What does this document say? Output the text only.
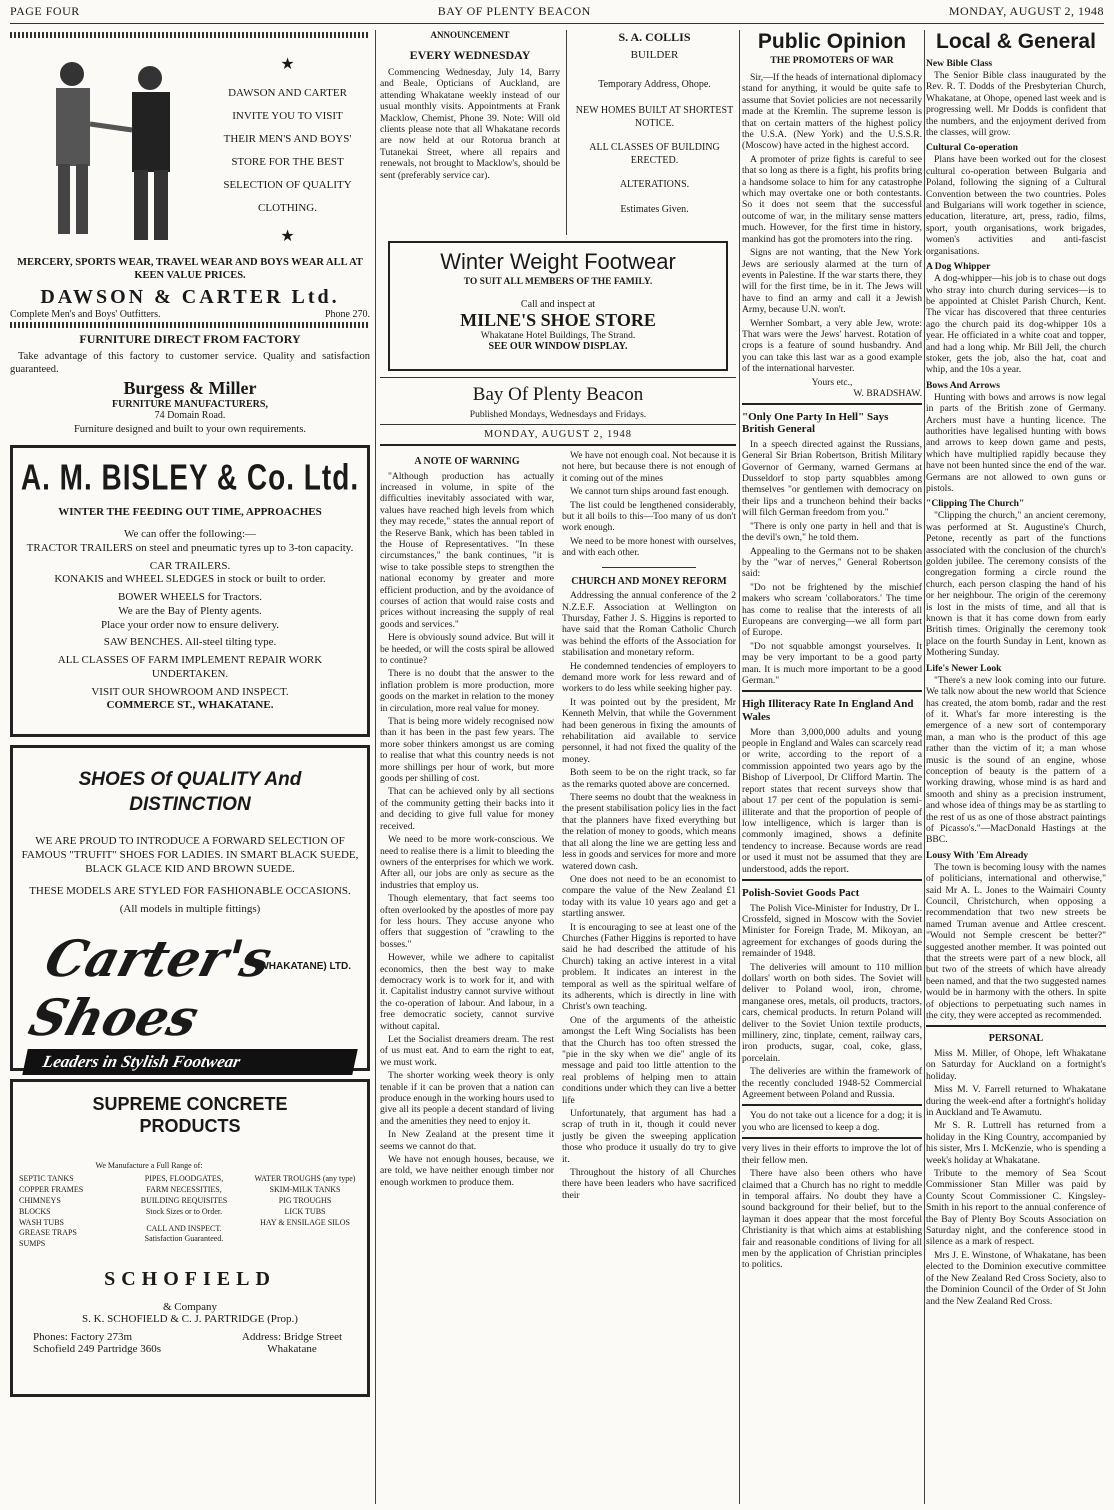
PAGE FOUR	BAY OF PLENTY BEACON	MONDAY, AUGUST 2, 1948
★
DAWSON AND CARTER
INVITE YOU TO VISIT
THEIR MEN'S AND BOYS'
STORE FOR THE BEST
SELECTION OF QUALITY
CLOTHING.
★
MERCERY, SPORTS WEAR, TRAVEL WEAR AND BOYS WEAR ALL AT KEEN VALUE PRICES.
DAWSON & CARTER Ltd.
Complete Men's and Boys' Outfitters.	Phone 270.
FURNITURE DIRECT FROM FACTORY
Take advantage of this factory to customer service. Quality and satisfaction guaranteed.
Burgess & Miller
FURNITURE MANUFACTURERS,
74 Domain Road.
Furniture designed and built to your own requirements.
A. M. BISLEY & Co. Ltd.
WINTER THE FEEDING OUT TIME, APPROACHES
We can offer the following:—
TRACTOR TRAILERS on steel and pneumatic tyres up to 3-ton capacity.
CAR TRAILERS.
KONAKIS and WHEEL SLEDGES in stock or built to order.
BOWER WHEELS for Tractors.
We are the Bay of Plenty agents.
Place your order now to ensure delivery.
SAW BENCHES. All-steel tilting type.
ALL CLASSES OF FARM IMPLEMENT REPAIR WORK UNDERTAKEN.
VISIT OUR SHOWROOM AND INSPECT.
COMMERCE ST., WHAKATANE.
SHOES Of QUALITY And DISTINCTION
WE ARE PROUD TO INTRODUCE A FORWARD SELECTION OF FAMOUS "TRUFIT" SHOES FOR LADIES. IN SMART BLACK SUEDE, BLACK GLACE KID AND BROWN SUEDE.
THESE MODELS ARE STYLED FOR FASHIONABLE OCCASIONS.
(All models in multiple fittings)
Carter's Shoes
(WHAKATANE) LTD.
Leaders in Stylish Footwear
SUPREME CONCRETE PRODUCTS
We Manufacture a Full Range of:
SEPTIC TANKS
COPPER FRAMES
CHIMNEYS
BLOCKS
WASH TUBS
GREASE TRAPS
SUMPS
PIPES, FLOODGATES,
FARM NECESSITIES,
BUILDING REQUISITES
Stock Sizes or to Order.
CALL AND INSPECT.
Satisfaction Guaranteed.
WATER TROUGHS (any type)
SKIM-MILK TANKS
PIG TROUGHS
LICK TUBS
HAY & ENSILAGE SILOS
SCHOFIELD
& Company
S. K. SCHOFIELD & C. J. PARTRIDGE (Prop.)
Phones: Factory 273m Schofield 249 Partridge 360s
Address: Bridge Street Whakatane
ANNOUNCEMENT
EVERY WEDNESDAY
Commencing Wednesday, July 14, Barry and Beale, Opticians of Auckland, are attending Whakatane weekly instead of our usual monthly visits. Appointments at Frank Macklow, Chemist, Phone 39. Note: Will old clients please note that all Whakatane records are now held at our Rotorua branch at Tutanekai Street, where all repairs and renewals, not brought to Macklow's, should be sent (preferably service car).
S. A. COLLIS
BUILDER
Temporary Address, Ohope.
NEW HOMES BUILT AT SHORTEST NOTICE.
ALL CLASSES OF BUILDING ERECTED.
ALTERATIONS.
Estimates Given.
Winter Weight Footwear
TO SUIT ALL MEMBERS OF THE FAMILY.
Call and inspect at
MILNE'S SHOE STORE
Whakatane Hotel Buildings, The Strand.
SEE OUR WINDOW DISPLAY.
Bay Of Plenty Beacon
Published Mondays, Wednesdays and Fridays.
MONDAY, AUGUST 2, 1948
A NOTE OF WARNING

"Although production has actually increased in volume, in spite of the difficulties inevitably associated with war, values have reached high levels from which they may recede," states the annual report of the Reserve Bank, which has been tabled in the House of Representatives. "In these circumstances," the bank continues, "it is wise to take possible steps to strengthen the national economy by greater and more efficient production, and by the avoidance of courses of action that would raise costs and prices without increasing the supply of real goods and services."

Here is obviously sound advice. But will it be heeded, or will the costs spiral be allowed to continue?

There is no doubt that the answer to the inflation problem is more production, more goods on the market in relation to the money in circulation, more real value for money.

That is being more widely recognised now than it has been in the past few years. The more sober thinkers amongst us are coming to realise that what this country needs is not more shillings per hour of work, but more goods per shilling of cost.

That can be achieved only by all sections of the community getting their backs into it and deciding to give full value for money received.

We need to be more work-conscious. We need to realise there is a limit to bleeding the owners of the enterprises for which we work. After all, our jobs are only as secure as the industries that employ us.

Though elementary, that fact seems too often overlooked by the apostles of more pay for less hours. They accuse anyone who offers that suggestion of "crawling to the bosses."

However, while we adhere to capitalist economics, then the best way to make democracy work is to work for it, and with it. Capitalist industry cannot survive without the co-operation of labour. And labour, in a free democratic society, cannot survive without capital.

Let the Socialist dreamers dream. The rest of us must eat. And to earn the right to eat, we must work.

The shorter working week theory is only tenable if it can be proven that a nation can produce enough in the working hours used to give all its people a decent standard of living and the amenities they need to enjoy it.

In New Zealand at the present time it seems we cannot do that.

We have not enough houses, because, we are told, we have neither enough timber nor enough workmen to produce them.

We have not enough coal. Not because it is not here, but because there is not enough of it coming out of the mines

We cannot turn ships around fast enough.

The list could be lengthened considerably, but it all boils to this—Too many of us don't work enough.

We need to be more honest with ourselves, and with each other.

CHURCH AND MONEY REFORM

Addressing the annual conference of the 2 N.Z.E.F. Association at Wellington on Thursday, Father J. S. Higgins is reported to have said that the Roman Catholic Church was behind the efforts of the Association for stabilisation and monetary reform.

He condemned tendencies of employers to demand more work for less reward and of workers to do less while seeking higher pay.

It was pointed out by the president, Mr Kenneth Melvin, that while the Government had been generous in fixing the amounts of rehabilitation aid available to service personnel, it had not fixed the quality of the money.

Both seem to be on the right track, so far as the remarks quoted above are concerned.

There seems no doubt that the weakness in the present stabilisation policy lies in the fact that the planners have fixed everything but the relation of money to goods, which means that all along the line we are getting less and less in goods and services for more and more watered down cash.

One does not need to be an economist to compare the value of the New Zealand £1 today with its value 10 years ago and get a startling answer.

It is encouraging to see at least one of the Churches (Father Higgins is reported to have said he had described the attitude of his Church) taking an active interest in a vital problem. It indicates an interest in the temporal as well as the spiritual welfare of its adherents, which is directly in line with Christ's own teaching.

One of the arguments of the atheistic amongst the Left Wing Socialists has been that the Church has too often stressed the "pie in the sky when we die" angle of its message and paid too little attention to the real problems of helping men to attain conditions under which they can live a better life

Unfortunately, that argument has had a scrap of truth in it, though it could never justly be given the sweeping application those who produce it usually do try to give it.

Throughout the history of all Churches there have been leaders who have sacrificed their

Public Opinion
THE PROMOTERS OF WAR

Sir,—If the heads of international diplomacy stand for anything, it would be quite safe to assume that Soviet policies are not necessarily made at the Kremlin. The supreme lesson is that on certain matters of the highest policy the U.S.A. (New York) and the U.S.S.R. (Moscow) have acted in the highest accord.

A promoter of prize fights is careful to see that so long as there is a fight, his profits bring a handsome solace to him for any catastrophe which may overtake one or both contestants. So it does not seem that the successful outcome of war, in the military sense matters much. However, for the first time in history, mankind has got the promoters into the ring.

Signs are not wanting, that the New York Jews are seriously alarmed at the turn of events in Palestine. If the war starts there, they will for the first time, be in it. The Jews will have to find an army and call it a Jewish Army, because U.N. won't.

Wernher Sombart, a very able Jew, wrote: That wars were the Jews' harvest. Rotation of crops is a feature of sound husbandry. And you can take this last war as a good example of the international harvester.

Yours etc.,
W. BRADSHAW.
"Only One Party In Hell" Says British General

In a speech directed against the Russians, General Sir Brian Robertson, British Military Governor of Germany, warned Germans at Dusseldorf to stop party squabbles among themselves "or gentlemen with democracy on their lips and a truncheon behind their backs will filch German freedom from you."

"There is only one party in hell and that is the devil's own," he told them.

Appealing to the Germans not to be shaken by the "war of nerves," General Robertson said:

"Do not be frightened by the mischief makers who scream 'collaborators.' The time has come to realise that the interests of all Europeans are converging—we all form part of Europe.

"Do not squabble amongst yourselves. It may be very important to be a good party man. It is much more important to be a good German."

High Illiteracy Rate In England And Wales

More than 3,000,000 adults and young people in England and Wales can scarcely read or write, according to the report of a commission appointed two years ago by the Bishop of Liverpool, Dr Clifford Martin. The report states that recent surveys show that about 17 per cent of the population is semi-illiterate and that the proportion of people of low intelligence, which is larger than is commonly imagined, shows a definite tendency to increase. Because words are read or used it must not be assumed that they are understood, adds the report.

Polish-Soviet Goods Pact

The Polish Vice-Minister for Industry, Dr L. Crossfeld, signed in Moscow with the Soviet Minister for Foreign Trade, M. Mikoyan, an agreement for exchanges of goods during the remainder of 1948.

The deliveries will amount to 110 million dollars' worth on both sides. The Soviet will deliver to Poland wool, iron, chrome, manganese ores, metals, oil products, tractors, cars, chemical products. In return Poland will deliver to the Soviet Union textile products, millinery, zinc, tinplate, cement, railway cars, iron products, sugar, coal, coke, glass, porcelain.

The deliveries are within the framework of the recently concluded 1948-52 Commercial Agreement between Poland and Russia.

You do not take out a licence for a dog; it is you who are licensed to keep a dog.

very lives in their efforts to improve the lot of their fellow men.

There have also been others who have claimed that a Church has no right to meddle in temporal affairs. No doubt they have a sound background for their belief, but to the layman it does appear that the most forceful Christianity is that which aims at establishing fair and reasonable conditions of living for all men by the application of Christian principles to politics.

Local & General
New Bible Class

The Senior Bible class inaugurated by the Rev. R. T. Dodds of the Presbyterian Church, Whakatane, at Ohope, opened last week and is progressing well. Mr Dodds is confident that the numbers, and the enjoyment derived from the classes, will grow.

Cultural Co-operation

Plans have been worked out for the closest cultural co-operation between Bulgaria and Poland, following the signing of a Cultural Convention between the two countries. Poles and Bulgarians will work together in science, education, literature, art, press, radio, films, sport, youth organisations, work brigades, women's activities and anti-fascist organisations.

A Dog Whipper

A dog-whipper—his job is to chase out dogs who stray into church during services—is to be appointed at Chislet Parish Church, Kent. The vicar has discovered that three centuries ago the church paid its dog-whipper 10s a year. He officiated in a white coat and topper, and had a long whip. Mr Bill Jell, the church stoker, gets the job, also the hat, coat and whip, and the 10s a year.

Bows And Arrows

Hunting with bows and arrows is now legal in parts of the British zone of Germany. Archers must have a hunting licence. The authorities have legalised hunting with bows and arrows to keep down game and pests, which have multiplied rapidly because they have not been hunted since the end of the war. Germans are not allowed to own guns or pistols.

"Clipping The Church"

"Clipping the church," an ancient ceremony, was performed at St. Augustine's Church, Petone, recently as part of the functions associated with the conclusion of the church's golden jubilee. The ceremony consists of the congregation forming a circle round the church, each person clasping the hand of his or her neighbour. The origin of the ceremony is lost in the mists of time, and all that is known is that it has come down from early British times. Originally the ceremony took place on the fourth Sunday in Lent, known as Mothering Sunday.

Life's Newer Look

"There's a new look coming into our future. We talk now about the new world that Science has created, the atom bomb, radar and the rest of it. What's far more interesting is the emergence of a new sort of contemporary man, a man who is the product of this age rather than the victim of it; a man whose music is the sound of an engine, whose conception of beauty is the pattern of a working drawing, whose mind is as hard and smooth and shiny as a precision instrument, and whose idea of things may be as startling to the rest of us as one of those abstract paintings of Picasso's."—MacDonald Hastings at the BBC.

Lousy With 'Em Already

The town is becoming lousy with the names of politicians, international and otherwise," said Mr A. L. Jones to the Waimairi County Council, Christchurch, when opposing a recommendation that two new streets be named Truman avenue and Attlee crescent. "Would not Semple crescent be better?" suggested another member. It was pointed out that the streets were part of a new block, all but two of the streets of which have already been named, and that the two suggested names would be in harmony with the others. In spite of objections to perpetuating such names in the city, they were accepted as recommended.

PERSONAL

Miss M. Miller, of Ohope, left Whakatane on Saturday for Auckland on a fortnight's holiday.

Miss M. V. Farrell returned to Whakatane during the week-end after a fortnight's holiday in Auckland and Te Awamutu.

Mr S. R. Luttrell has returned from a holiday in the King Country, accompanied by his sister, Mrs I. McKenzie, who is spending a week's holiday at Whakatane.

Tribute to the memory of Sea Scout Commissioner Stan Miller was paid by County Scout Commissioner C. Kingsley-Smith in his report to the annual conference of the Bay of Plenty Boy Scouts Association on Saturday night, and the conference stood in silence as a mark of respect.

Mrs J. E. Winstone, of Whakatane, has been elected to the Dominion executive committee of the New Zealand Red Cross Society, also to the Dominion Council of the Order of St John and the New Zealand Red Cross.
